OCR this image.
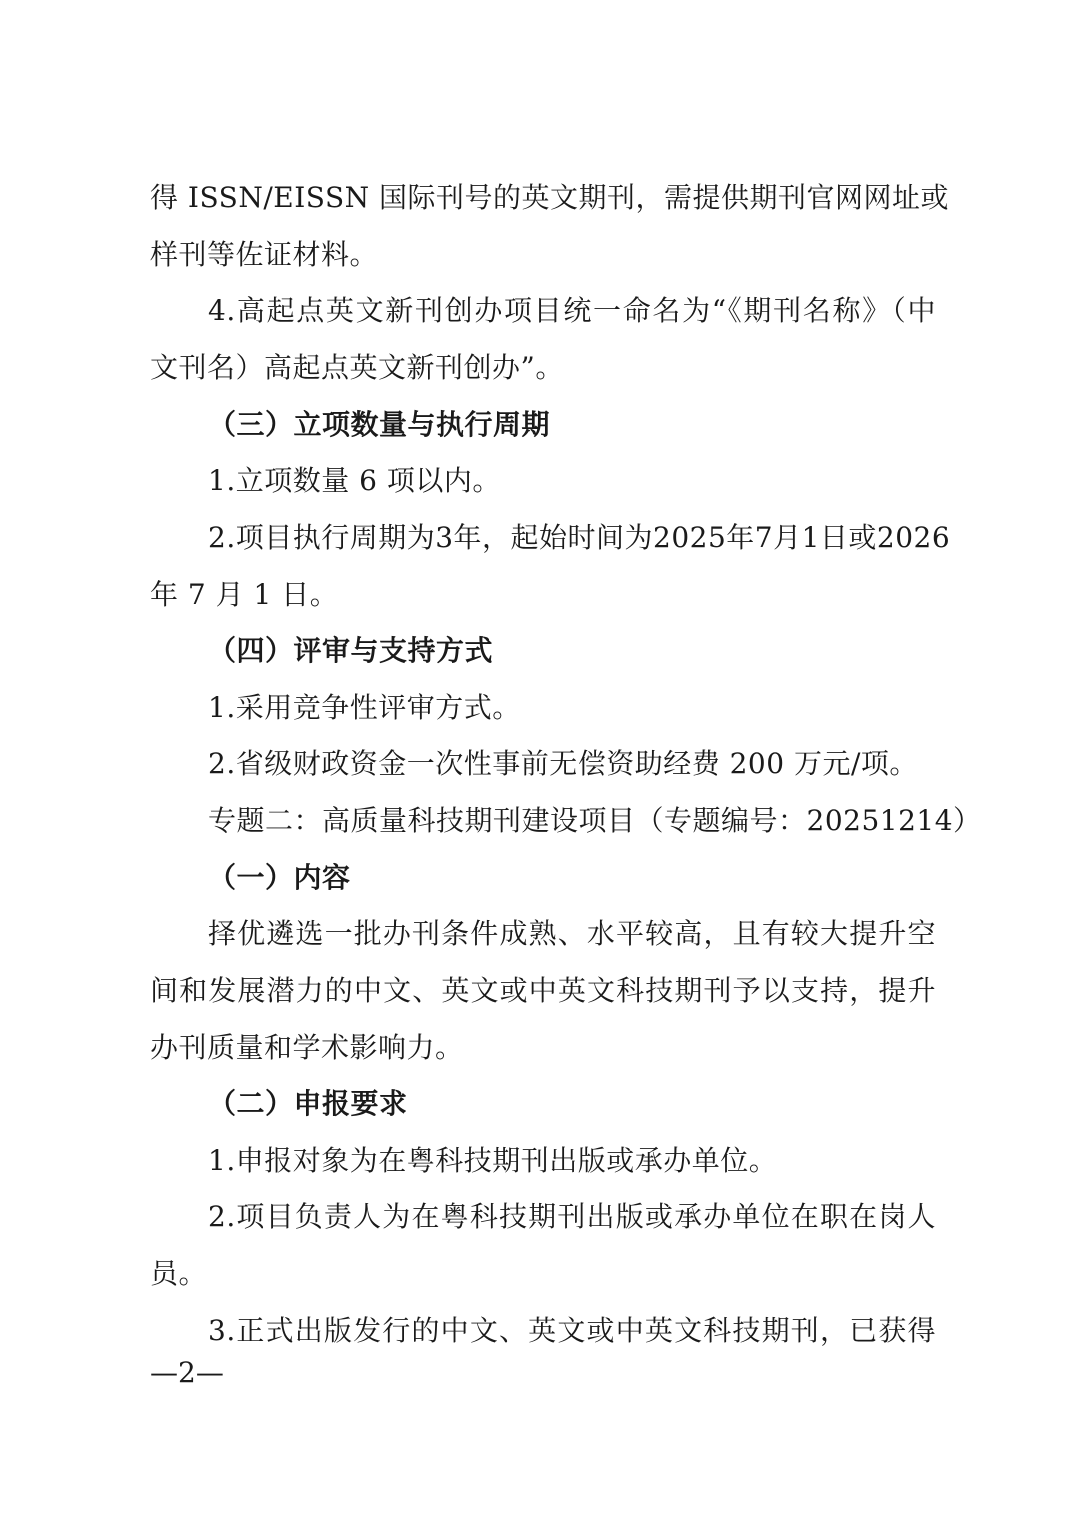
得 ISSN/EISSN 国际刊号的英文期刊，需提供期刊官网网址或
样刊等佐证材料。
4.高起点英文新刊创办项目统一命名为“《期刊名称》（中
文刊名）高起点英文新刊创办”。
（三）立项数量与执行周期
1.立项数量 6 项以内。
2.项目执行周期为3年，起始时间为2025年7月1日或2026
年 7 月 1 日。
（四）评审与支持方式
1.采用竞争性评审方式。
2.省级财政资金一次性事前无偿资助经费 200 万元/项。
专题二：高质量科技期刊建设项目（专题编号：20251214）
（一）内容
择优遴选一批办刊条件成熟、水平较高，且有较大提升空
间和发展潜力的中文、英文或中英文科技期刊予以支持，提升
办刊质量和学术影响力。
（二）申报要求
1.申报对象为在粤科技期刊出版或承办单位。
2.项目负责人为在粤科技期刊出版或承办单位在职在岗人
员。
3.正式出版发行的中文、英文或中英文科技期刊，已获得
—2—
